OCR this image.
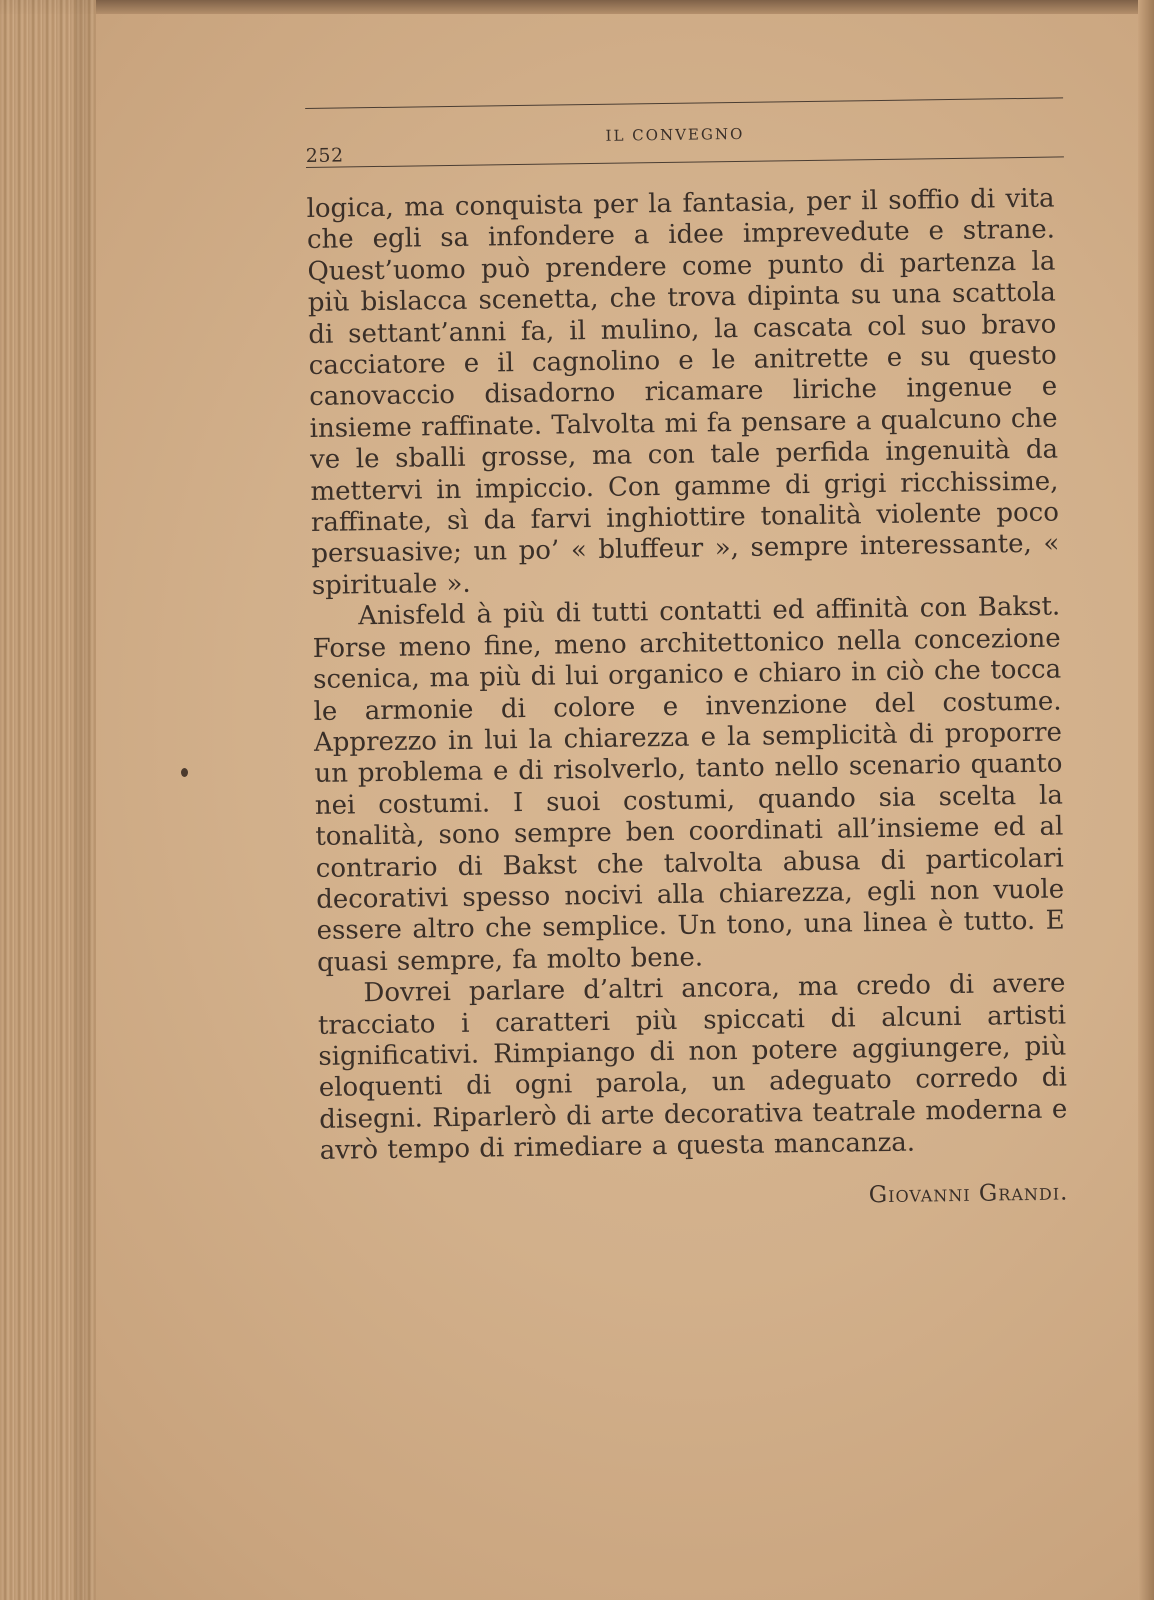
252
IL CONVEGNO

logica, ma conquista per la fantasia, per il soffio di vita che egli sa infondere a idee imprevedute e strane. Quest’uomo può prendere come punto di partenza la più bislacca scenetta, che trova dipinta su una scattola di settant’anni fa, il mulino, la cascata col suo bravo cacciatore e il cagnolino e le anitrette e su questo canovaccio disadorno ricamare liriche ingenue e insieme raffinate. Talvolta mi fa pensare a qualcuno che ve le sballi grosse, ma con tale perfida ingenuità da mettervi in impiccio. Con gamme di grigi ricchissime, raffinate, sì da farvi inghiottire tonalità violente poco persuasive; un po’ « bluffeur », sempre interessante, « spirituale ».

Anisfeld à più di tutti contatti ed affinità con Bakst. Forse meno fine, meno architettonico nella concezione scenica, ma più di lui organico e chiaro in ciò che tocca le armonie di colore e invenzione del costume. Apprezzo in lui la chiarezza e la semplicità di proporre un problema e di risolverlo, tanto nello scenario quanto nei costumi. I suoi costumi, quando sia scelta la tonalità, sono sempre ben coordinati all’insieme ed al contrario di Bakst che talvolta abusa di particolari decorativi spesso nocivi alla chiarezza, egli non vuole essere altro che semplice. Un tono, una linea è tutto. E quasi sempre, fa molto bene.

Dovrei parlare d’altri ancora, ma credo di avere tracciato i caratteri più spiccati di alcuni artisti significativi. Rimpiango di non potere aggiungere, più eloquenti di ogni parola, un adeguato corredo di disegni. Riparlerò di arte decorativa teatrale moderna e avrò tempo di rimediare a questa mancanza.

Giovanni Grandi.
